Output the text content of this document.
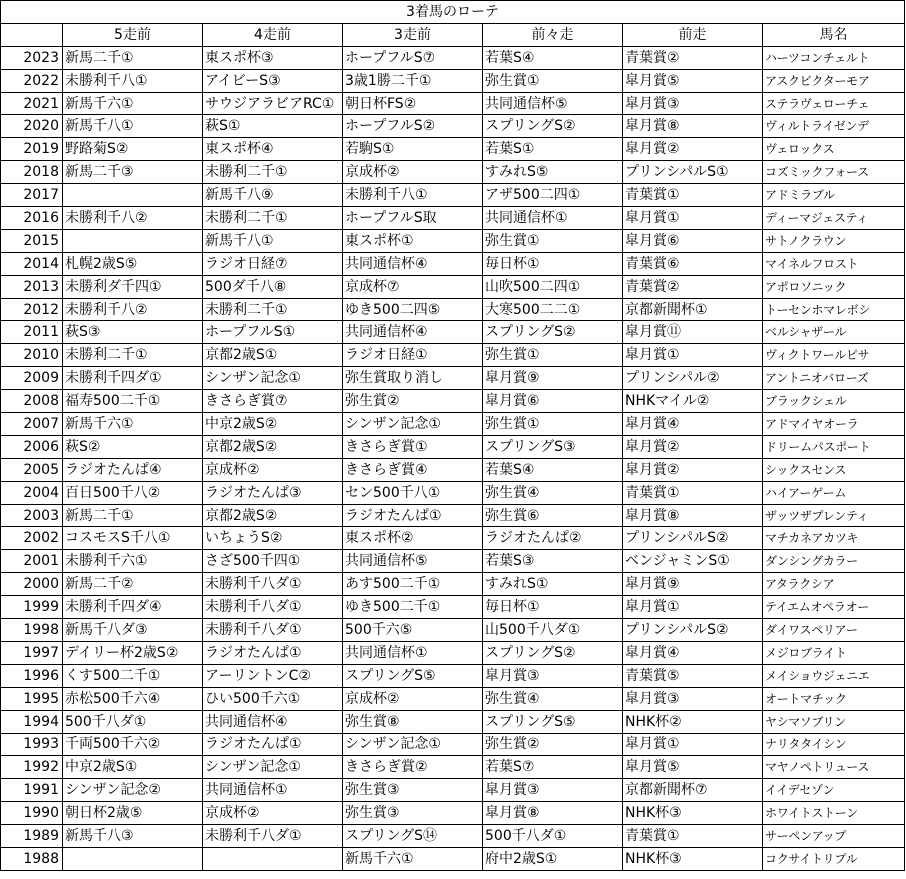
3着馬のローテ						
	5走前	4走前	3走前	前々走	前走	馬名
2023	新馬二千①	東スポ杯③	ホープフルS⑦	若葉S④	青葉賞②	ハーツコンチェルト
2022	未勝利千八①	アイビーS③	3歳1勝二千①	弥生賞①	皐月賞⑤	アスクビクターモア
2021	新馬千六①	サウジアラビアRC①	朝日杯FS②	共同通信杯⑤	皐月賞③	ステラヴェローチェ
2020	新馬千八①	萩S①	ホープフルS②	スプリングS②	皐月賞⑧	ヴィルトライゼンデ
2019	野路菊S②	東スポ杯④	若駒S①	若葉S①	皐月賞②	ヴェロックス
2018	新馬二千③	未勝利二千①	京成杯②	すみれS⑤	プリンシパルS①	コズミックフォース
2017		新馬千八⑨	未勝利千八①	アザ500二四①	青葉賞①	アドミラブル
2016	未勝利千八②	未勝利二千①	ホープフルS取	共同通信杯①	皐月賞①	ディーマジェスティ
2015		新馬千八①	東スポ杯①	弥生賞①	皐月賞⑥	サトノクラウン
2014	札幌2歳S⑤	ラジオ日経⑦	共同通信杯④	毎日杯①	青葉賞⑥	マイネルフロスト
2013	未勝利ダ千四①	500ダ千八⑧	京成杯⑦	山吹500二四①	青葉賞②	アポロソニック
2012	未勝利千八②	未勝利二千①	ゆき500二四⑤	大寒500二二①	京都新聞杯①	トーセンホマレボシ
2011	萩S③	ホープフルS①	共同通信杯④	スプリングS②	皐月賞⑪	ベルシャザール
2010	未勝利二千①	京都2歳S①	ラジオ日経①	弥生賞①	皐月賞①	ヴィクトワールピサ
2009	未勝利千四ダ①	シンザン記念①	弥生賞取り消し	皐月賞⑨	プリンシパル②	アントニオバローズ
2008	福寿500二千①	きさらぎ賞⑦	弥生賞②	皐月賞⑥	NHKマイル②	ブラックシェル
2007	新馬千六①	中京2歳S②	シンザン記念①	弥生賞①	皐月賞④	アドマイヤオーラ
2006	萩S②	京都2歳S②	きさらぎ賞①	スプリングS③	皐月賞②	ドリームパスポート
2005	ラジオたんぱ④	京成杯②	きさらぎ賞④	若葉S④	皐月賞②	シックスセンス
2004	百日500千八②	ラジオたんぱ③	セン500千八①	弥生賞④	青葉賞①	ハイアーゲーム
2003	新馬二千①	京都2歳S②	ラジオたんぱ①	弥生賞⑥	皐月賞⑧	ザッツザプレンティ
2002	コスモスS千八①	いちょうS②	東スポ杯②	ラジオたんぱ②	プリンシパルS②	マチカネアカツキ
2001	未勝利千六①	さざ500千四①	共同通信杯⑤	若葉S③	ベンジャミンS①	ダンシングカラー
2000	新馬二千②	未勝利千八ダ①	あす500二千①	すみれS①	皐月賞⑨	アタラクシア
1999	未勝利千四ダ④	未勝利千八ダ①	ゆき500二千①	毎日杯①	皐月賞①	テイエムオペラオー
1998	新馬千八ダ③	未勝利千八ダ①	500千六⑤	山500千八ダ①	プリンシパルS②	ダイワスペリアー
1997	デイリー杯2歳S②	ラジオたんぱ①	共同通信杯①	スプリングS②	皐月賞④	メジロブライト
1996	くす500二千①	アーリントンC②	スプリングS⑤	皐月賞③	青葉賞⑤	メイショウジェニエ
1995	赤松500千六④	ひい500千六①	京成杯②	弥生賞④	皐月賞③	オートマチック
1994	500千八ダ①	共同通信杯④	弥生賞⑧	スプリングS⑤	NHK杯②	ヤシマソブリン
1993	千両500千六②	ラジオたんぱ①	シンザン記念①	弥生賞②	皐月賞①	ナリタタイシン
1992	中京2歳S①	シンザン記念①	きさらぎ賞②	若葉S⑦	皐月賞⑤	マヤノペトリュース
1991	シンザン記念②	共同通信杯①	弥生賞③	皐月賞③	京都新聞杯⑦	イイデセゾン
1990	朝日杯2歳⑤	京成杯②	弥生賞③	皐月賞⑧	NHK杯③	ホワイトストーン
1989	新馬千八③	未勝利千八ダ①	スプリングS⑭	500千八ダ①	青葉賞①	サーペンアップ
1988			新馬千六①	府中2歳S①	NHK杯③	コクサイトリプル
